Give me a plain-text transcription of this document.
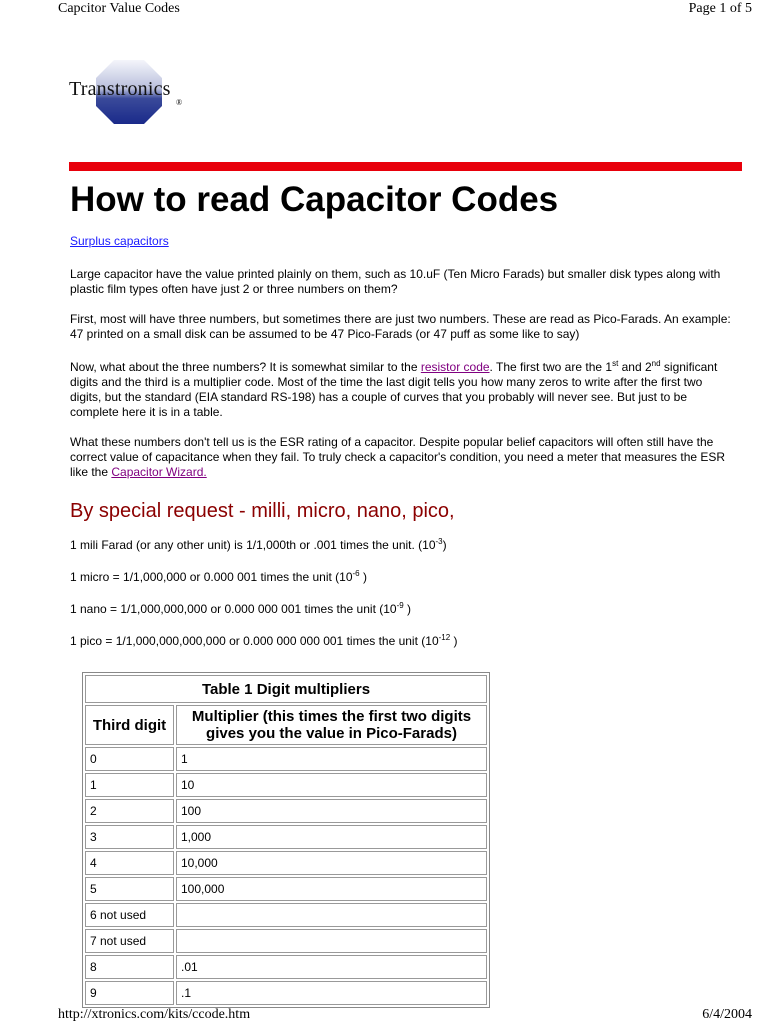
Capcitor Value Codes	Page 1 of 5
Transtronics
®
How to read Capacitor Codes
Surplus capacitors

Large capacitor have the value printed plainly on them, such as 10.uF (Ten Micro Farads) but smaller disk types along with plastic film types often have just 2 or three numbers on them?

First, most will have three numbers, but sometimes there are just two numbers. These are read as Pico-Farads. An example: 47 printed on a small disk can be assumed to be 47 Pico-Farads (or 47 puff as some like to say)

Now, what about the three numbers? It is somewhat similar to the resistor code. The first two are the 1st and 2nd significant digits and the third is a multiplier code. Most of the time the last digit tells you how many zeros to write after the first two digits, but the standard (EIA standard RS-198) has a couple of curves that you probably will never see. But just to be complete here it is in a table.

What these numbers don't tell us is the ESR rating of a capacitor. Despite popular belief capacitors will often still have the correct value of capacitance when they fail. To truly check a capacitor's condition, you need a meter that measures the ESR like the Capacitor Wizard.

By special request - milli, micro, nano, pico,

1 mili Farad (or any other unit) is 1/1,000th or .001 times the unit. $(10^{-3})$

1 micro = 1/1,000,000 or 0.000 001 times the unit ($10^{-6}$ )

1 nano = 1/1,000,000,000 or 0.000 000 001 times the unit ($10^{-9}$ )

1 pico = 1/1,000,000,000,000 or 0.000 000 000 001 times the unit ($10^{-12}$ )

Table 1 Digit multipliers	
Third digit	Multiplier (this times the first two digits gives you the value in Pico-Farads)
0	1
1	10
2	100
3	1,000
4	10,000
5	100,000
6 not used	
7 not used	
8	.01
9	.1
http://xtronics.com/kits/ccode.htm	6/4/2004
